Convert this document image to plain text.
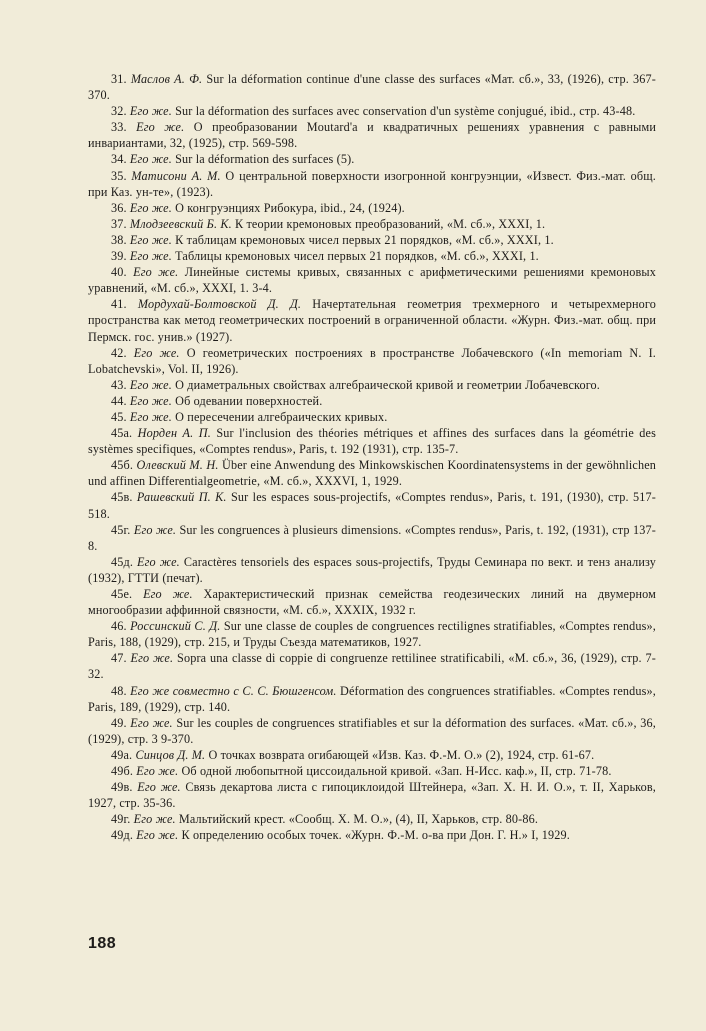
31. Маслов А. Ф. Sur la déformation continue d'une classe des surfaces «Мат. сб.», 33, (1926), стр. 367-370.

32. Его же. Sur la déformation des surfaces avec conservation d'un système conjugué, ibid., стр. 43-48.

33. Его же. О преобразовании Moutard'а и квадратичных решениях уравнения с равными инвариантами, 32, (1925), стр. 569-598.

34. Его же. Sur la déformation des surfaces (5).

35. Матисони А. М. О центральной поверхности изогронной конгруэнции, «Извест. Физ.-мат. общ. при Каз. ун-те», (1923).

36. Его же. О конгруэнциях Рибокура, ibid., 24, (1924).

37. Млодзеевский Б. К. К теории кремоновых преобразований, «М. сб.», XXXI, 1.

38. Его же. К таблицам кремоновых чисел первых 21 порядков, «М. сб.», XXXI, 1.

39. Его же. Таблицы кремоновых чисел первых 21 порядков, «М. сб.», XXXI, 1.

40. Его же. Линейные системы кривых, связанных с арифметическими решениями кремоновых уравнений, «М. сб.», XXXI, 1. 3-4.

41. Мордухай-Болтовской Д. Д. Начертательная геометрия трехмерного и четырехмерного пространства как метод геометрических построений в ограниченной области. «Журн. Физ.-мат. общ. при Пермск. гос. унив.» (1927).

42. Его же. О геометрических построениях в пространстве Лобачевского («In memoriam N. I. Lobatchevski», Vol. II, 1926).

43. Его же. О диаметральных свойствах алгебраической кривой и геометрии Лобачевского.

44. Его же. Об одевании поверхностей.

45. Его же. О пересечении алгебраических кривых.

45а. Норден А. П. Sur l'inclusion des théories métriques et affines des surfaces dans la géométrie des systèmes specifiques, «Comptes rendus», Paris, t. 192 (1931), стр. 135-7.

45б. Олевский М. Н. Über eine Anwendung des Minkowskischen Koordinatensystems in der gewöhnlichen und affinen Differentialgeometrie, «М. сб.», XXXVI, 1, 1929.

45в. Рашевский П. К. Sur les espaces sous-projectifs, «Comptes rendus», Paris, t. 191, (1930), стр. 517-518.

45г. Его же. Sur les congruences à plusieurs dimensions. «Comptes rendus», Paris, t. 192, (1931), стр 137-8.

45д. Его же. Caractères tensoriels des espaces sous-projectifs, Труды Семинара по вект. и тенз анализу (1932), ГТТИ (печат).

45е. Его же. Характеристический признак семейства геодезических линий на двумерном многообразии аффинной связности, «М. сб.», XXXIX, 1932 г.

46. Россинский С. Д. Sur une classe de couples de congruences rectilignes stratifiables, «Comptes rendus», Paris, 188, (1929), стр. 215, и Труды Съезда математиков, 1927.

47. Его же. Sopra una classe di coppie di congruenze rettilinee stratificabili, «М. сб.», 36, (1929), стр. 7-32.

48. Его же совместно с С. С. Бюшгенсом. Déformation des congruences stratifiables. «Comptes rendus», Paris, 189, (1929), стр. 140.

49. Его же. Sur les couples de congruences stratifiables et sur la déformation des surfaces. «Мат. сб.», 36, (1929), стр. 3 9-370.

49а. Синцов Д. М. О точках возврата огибающей «Изв. Каз. Ф.-М. О.» (2), 1924, стр. 61-67.

49б. Его же. Об одной любопытной циссоидальной кривой. «Зап. Н-Исс. каф.», II, стр. 71-78.

49в. Его же. Связь декартова листа с гипоциклоидой Штейнера, «Зап. Х. Н. И. О.», т. II, Харьков, 1927, стр. 35-36.

49г. Его же. Мальтийский крест. «Сообщ. Х. М. О.», (4), II, Харьков, стр. 80-86.

49д. Его же. К определению особых точек. «Журн. Ф.-М. о-ва при Дон. Г. Н.» I, 1929.

188
